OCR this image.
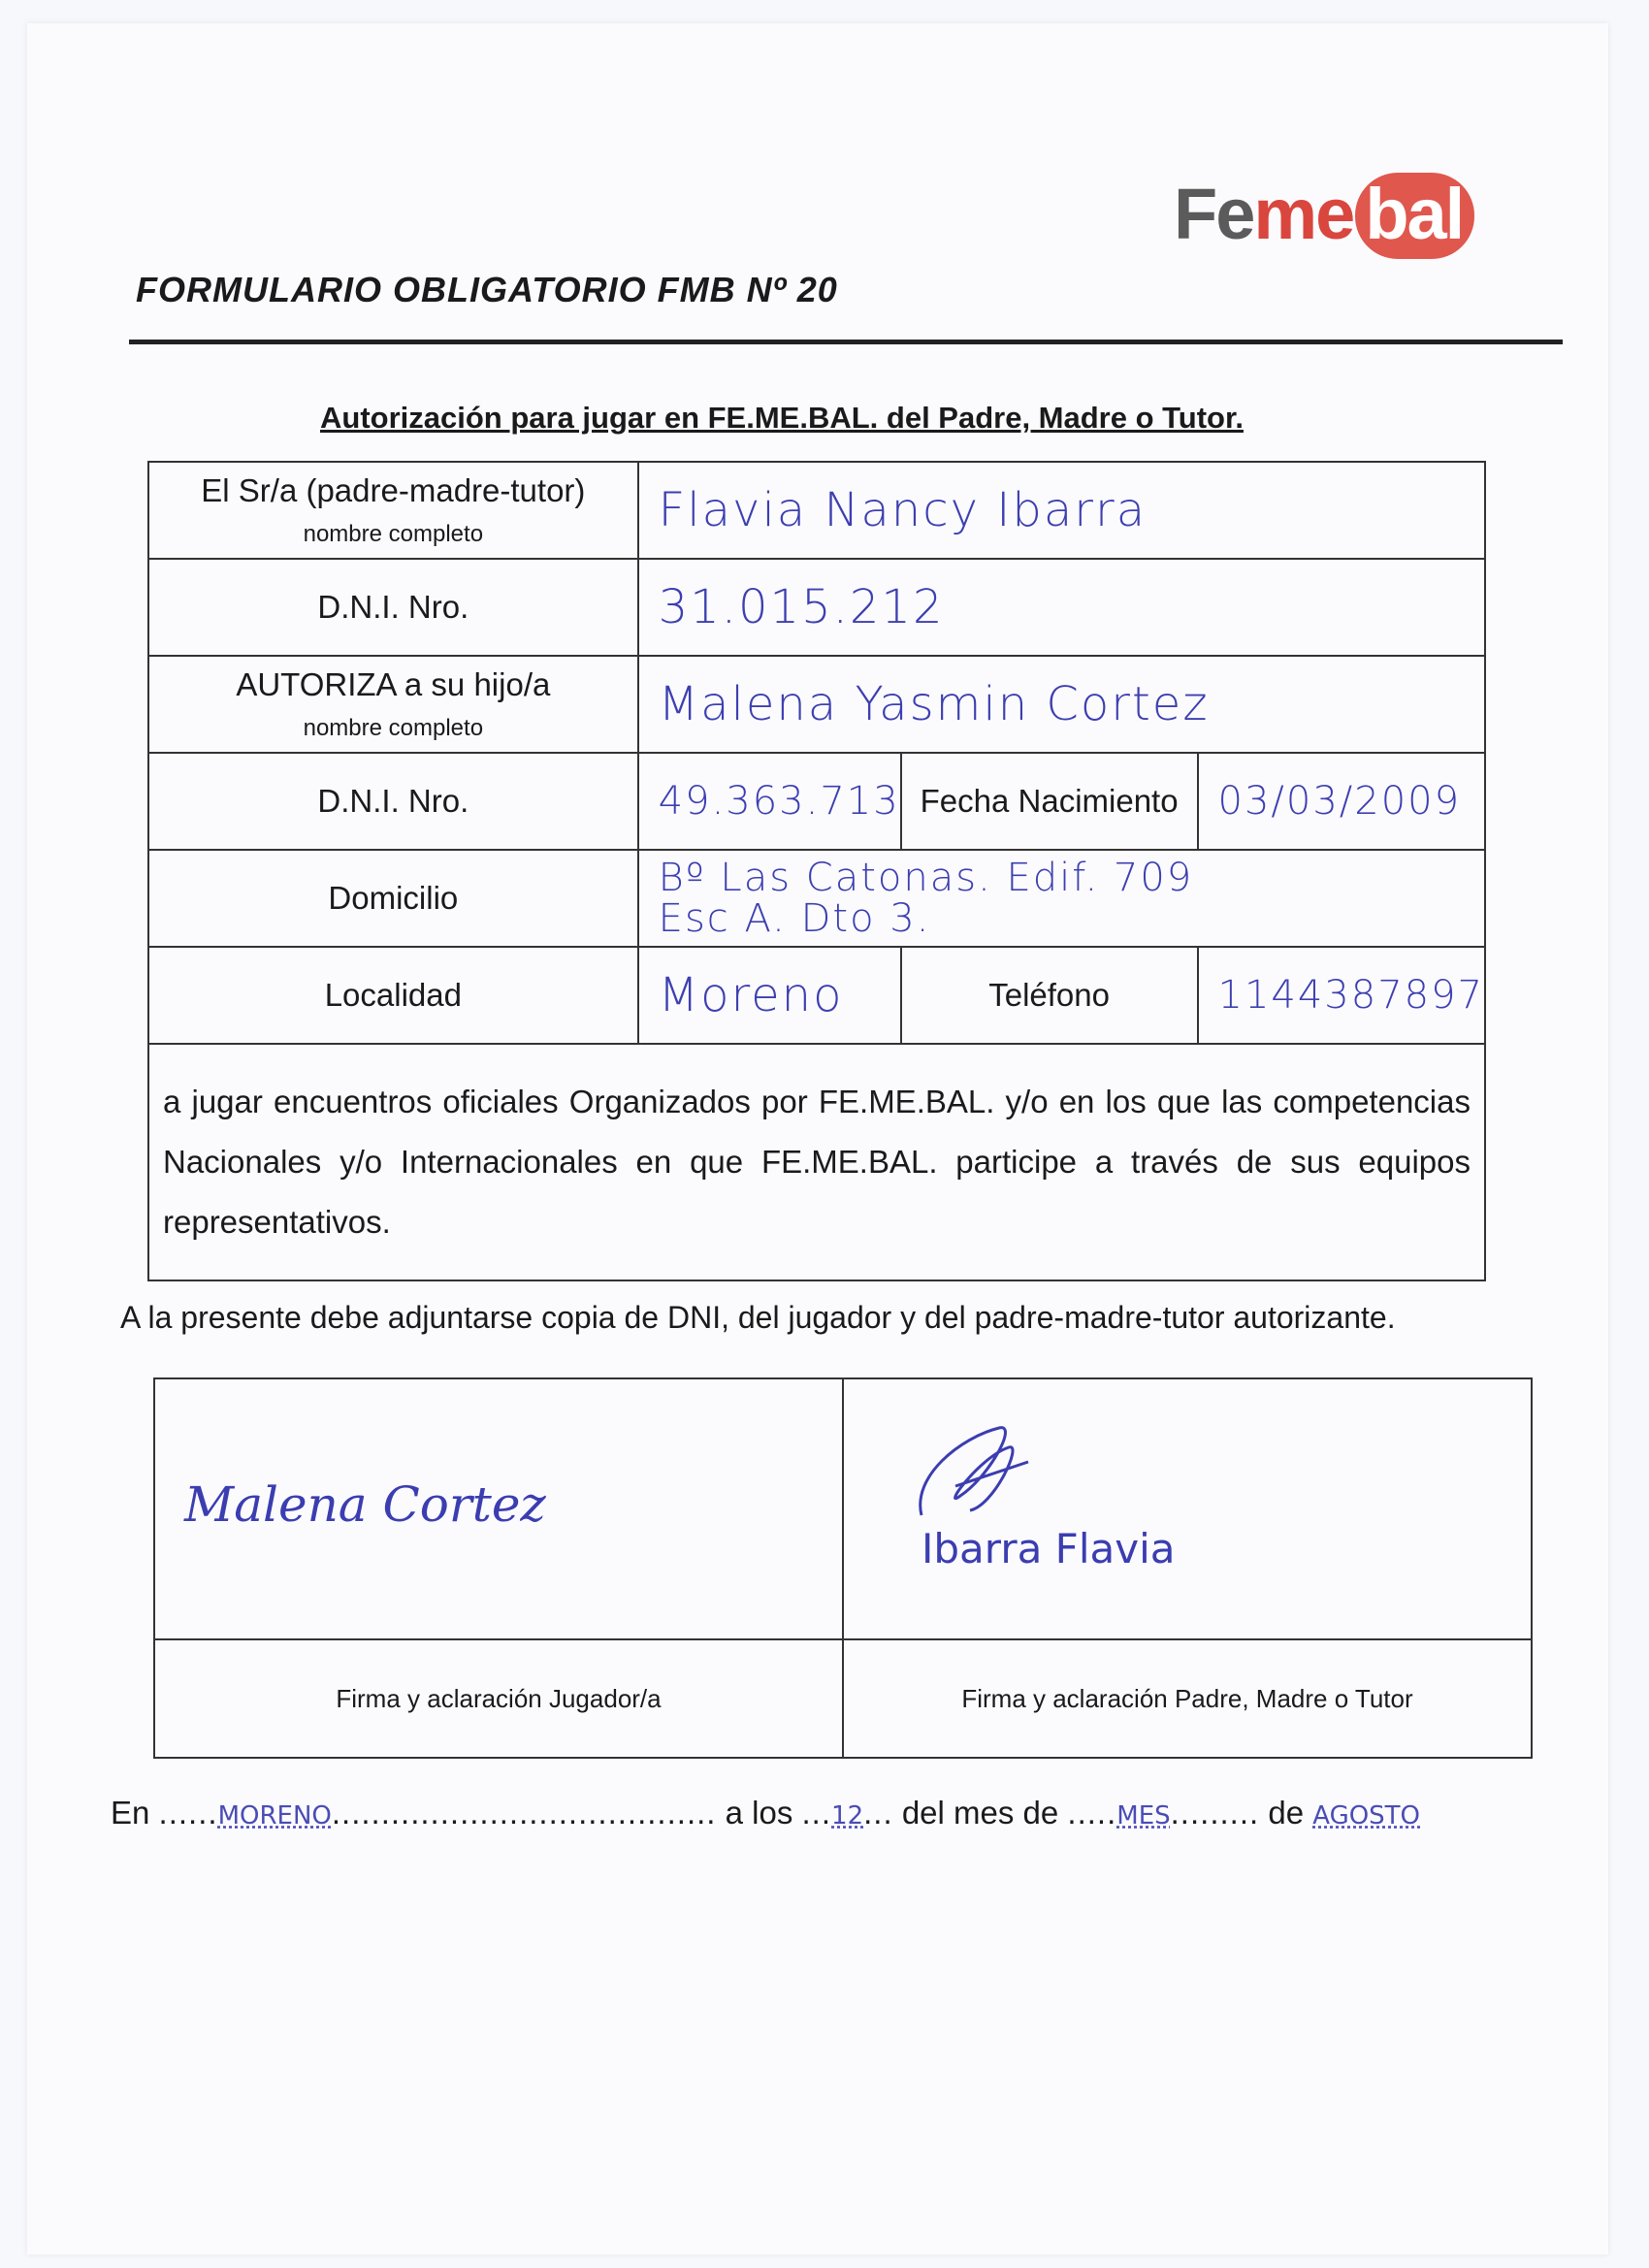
Feme bal
FORMULARIO OBLIGATORIO FMB Nº 20
Autorización para jugar en FE.ME.BAL. del Padre, Madre o Tutor.
El Sr/a (padre-madre-tutor)
nombre completo	Flavia Nancy Ibarra		
D.N.I. Nro.	31.015.212		
AUTORIZA a su hijo/a
nombre completo	Malena Yasmin Cortez		
D.N.I. Nro.	49.363.713	Fecha Nacimiento	03/03/2009
Domicilio	Bº Las Catonas. Edif. 709
Esc A. Dto 3.		

Localidad	Moreno	Teléfono	1144387897
a jugar encuentros oficiales Organizados por FE.ME.BAL. y/o en los que las competencias Nacionales y/o Internacionales en que FE.ME.BAL. participe a través de sus equipos representativos.			
A la presente debe adjuntarse copia de DNI, del jugador y del padre-madre-tutor autorizante.
Malena Cortez	Ibarra Flavia

Firma y aclaración Jugador/a	Firma y aclaración Padre, Madre o Tutor
En ......MORENO....................................... a los ...12... del mes de .....MES......... de AGOSTO
